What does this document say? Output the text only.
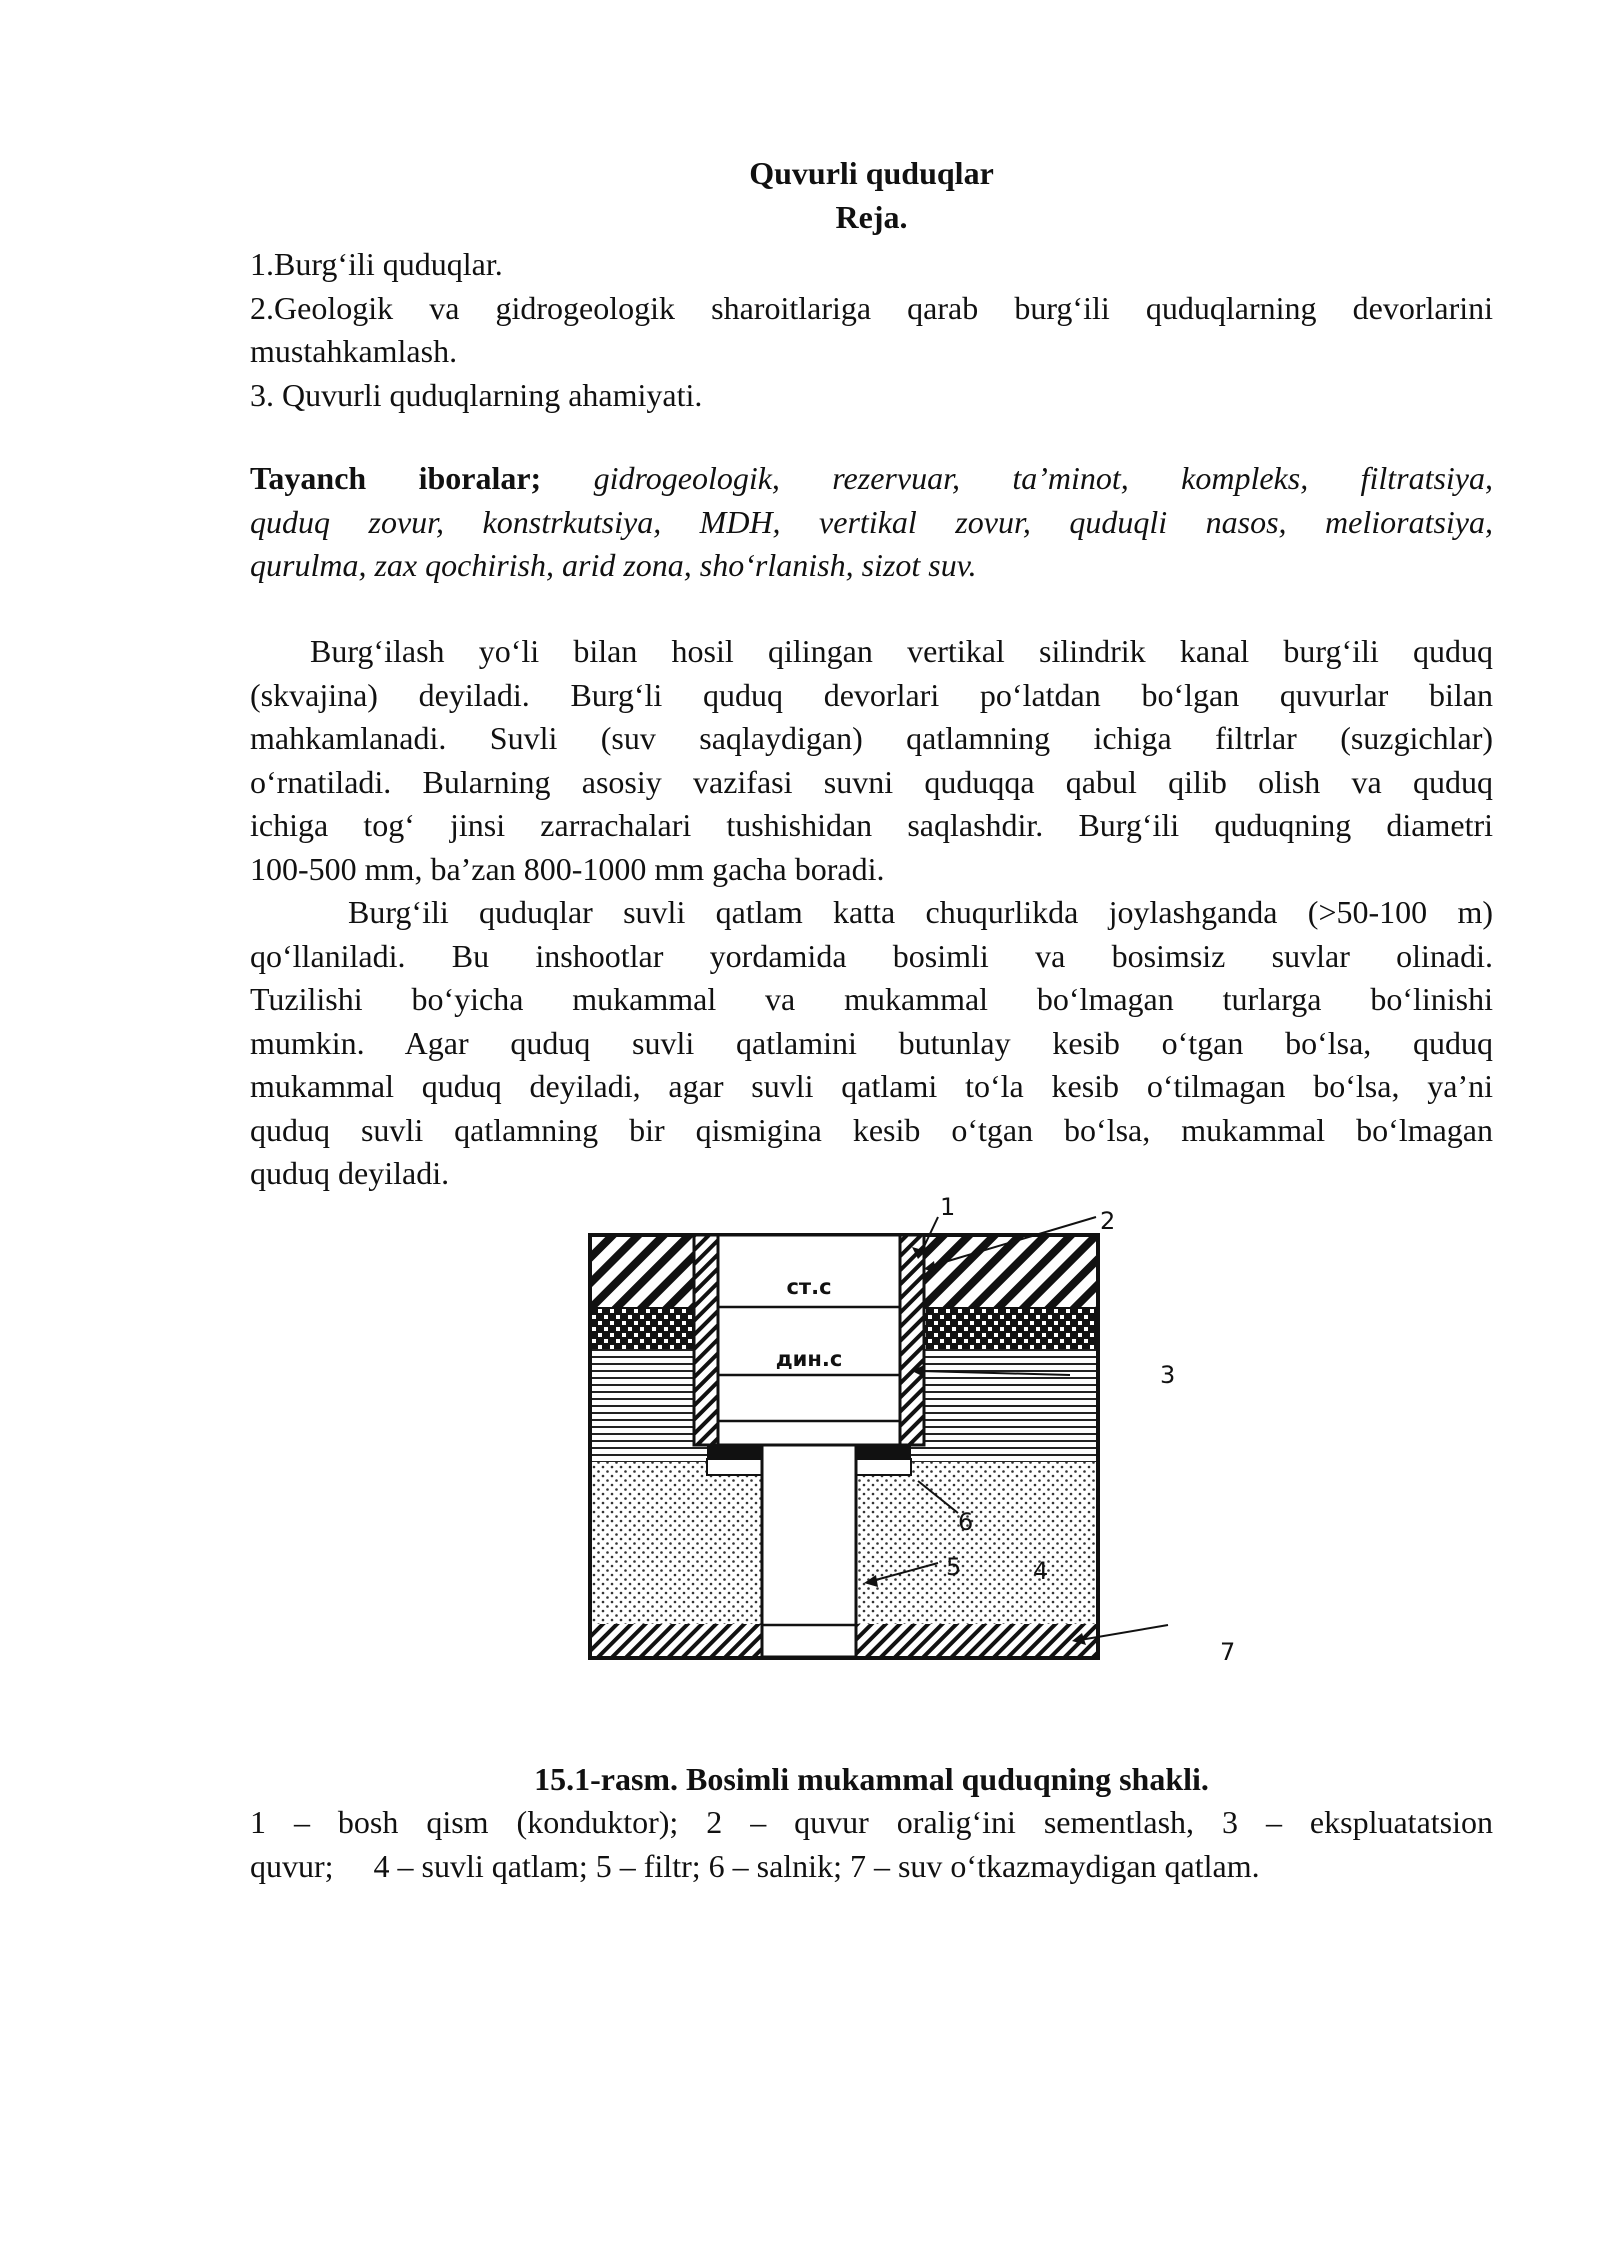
Quvurli quduqlar
Reja.
1.Burg‘ili quduqlar.
2.Geologik va gidrogeologik sharoitlariga qarab burg‘ili quduqlarning devorlarini
mustahkamlash.
3. Quvurli quduqlarning ahamiyati.
Tayanch iboralar; gidrogeologik, rezervuar, ta’minot, kompleks, filtratsiya,
quduq zovur, konstrkutsiya, MDH, vertikal zovur, quduqli nasos, melioratsiya,
qurulma, zax qochirish, arid zona, sho‘rlanish, sizot suv.
Burg‘ilash yo‘li bilan hosil qilingan vertikal silindrik kanal burg‘ili quduq
(skvajina) deyiladi. Burg‘li quduq devorlari po‘latdan bo‘lgan quvurlar bilan
mahkamlanadi. Suvli (suv saqlaydigan) qatlamning ichiga filtrlar (suzgichlar)
o‘rnatiladi. Bularning asosiy vazifasi suvni quduqqa qabul qilib olish va quduq
ichiga tog‘ jinsi zarrachalari tushishidan saqlashdir. Burg‘ili quduqning diametri
100-500 mm, ba’zan 800-1000 mm gacha boradi.
Burg‘ili quduqlar suvli qatlam katta chuqurlikda joylashganda (>50-100 m)
qo‘llaniladi. Bu inshootlar yordamida bosimli va bosimsiz suvlar olinadi.
Tuzilishi bo‘yicha mukammal va mukammal bo‘lmagan turlarga bo‘linishi
mumkin. Agar quduq suvli qatlamini butunlay kesib o‘tgan bo‘lsa, quduq
mukammal quduq deyiladi, agar suvli qatlami to‘la kesib o‘tilmagan bo‘lsa, ya’ni
quduq suvli qatlamning bir qismigina kesib o‘tgan bo‘lsa, mukammal bo‘lmagan
quduq deyiladi.
ст.с
дин.с
1	2
3
4
5
6
7
15.1-rasm. Bosimli mukammal quduqning shakli.
1 – bosh qism (konduktor); 2 – quvur oralig‘ini sementlash, 3 – ekspluatatsion
quvur;     4 – suvli qatlam; 5 – filtr; 6 – salnik; 7 – suv o‘tkazmaydigan qatlam.
